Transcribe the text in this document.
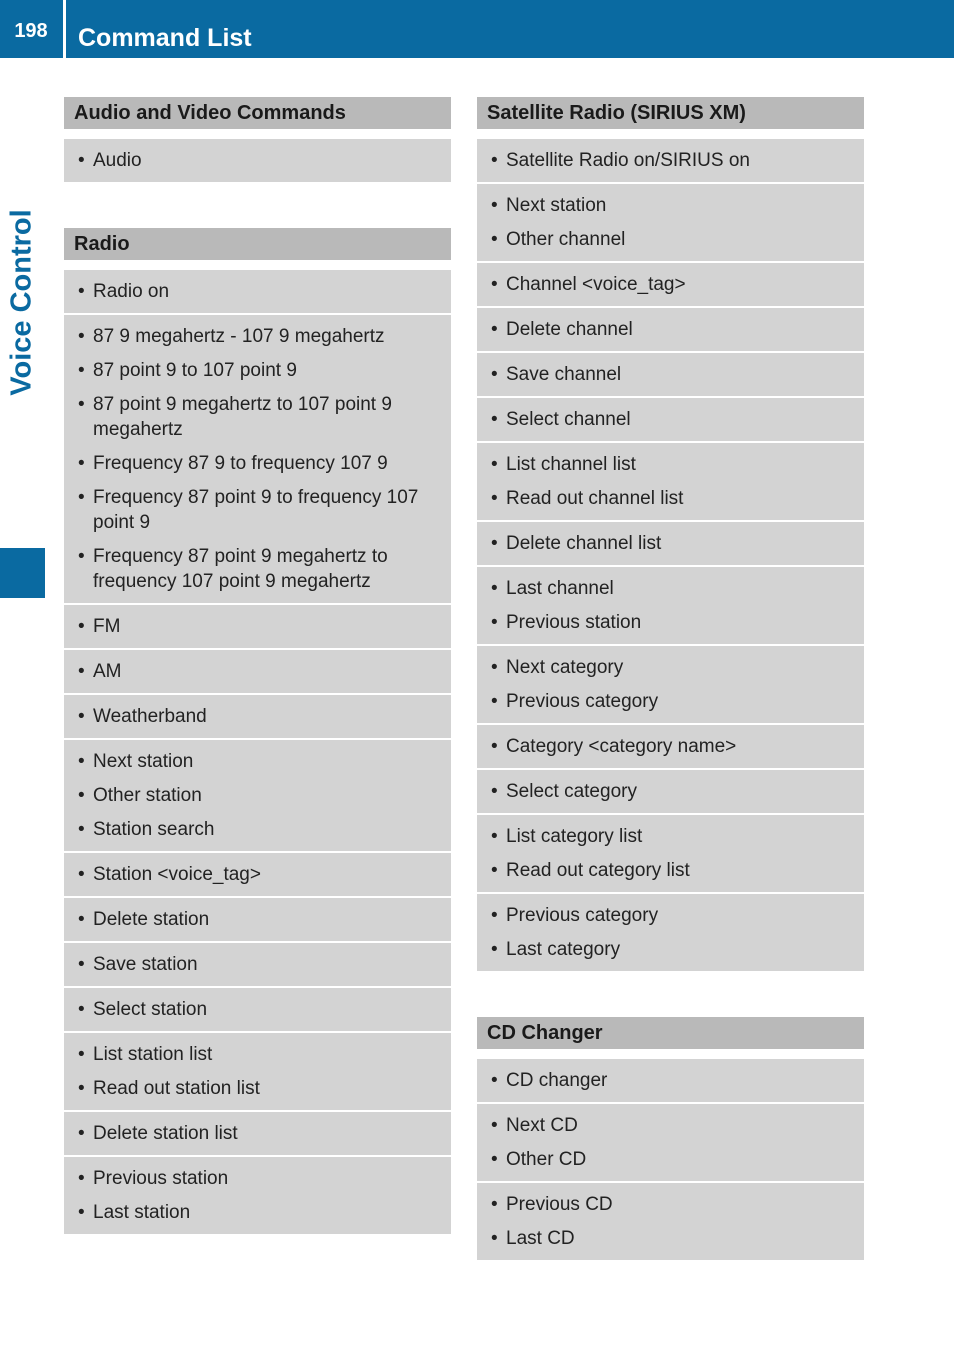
198	Command List
Voice Control
Audio and Video Commands
• Audio
Radio
• Radio on
• 87 9 megahertz - 107 9 megahertz
• 87 point 9 to 107 point 9
• 87 point 9 megahertz to 107 point 9 megahertz
• Frequency 87 9 to frequency 107 9
• Frequency 87 point 9 to frequency 107 point 9
• Frequency 87 point 9 megahertz to frequency 107 point 9 megahertz
• FM
• AM
• Weatherband
• Next station
• Other station
• Station search
• Station <voice_tag>
• Delete station
• Save station
• Select station
• List station list
• Read out station list
• Delete station list
• Previous station
• Last station
Satellite Radio (SIRIUS XM)
• Satellite Radio on/SIRIUS on
• Next station
• Other channel
• Channel <voice_tag>
• Delete channel
• Save channel
• Select channel
• List channel list
• Read out channel list
• Delete channel list
• Last channel
• Previous station
• Next category
• Previous category
• Category <category name>
• Select category
• List category list
• Read out category list
• Previous category
• Last category
CD Changer
• CD changer
• Next CD
• Other CD
• Previous CD
• Last CD
